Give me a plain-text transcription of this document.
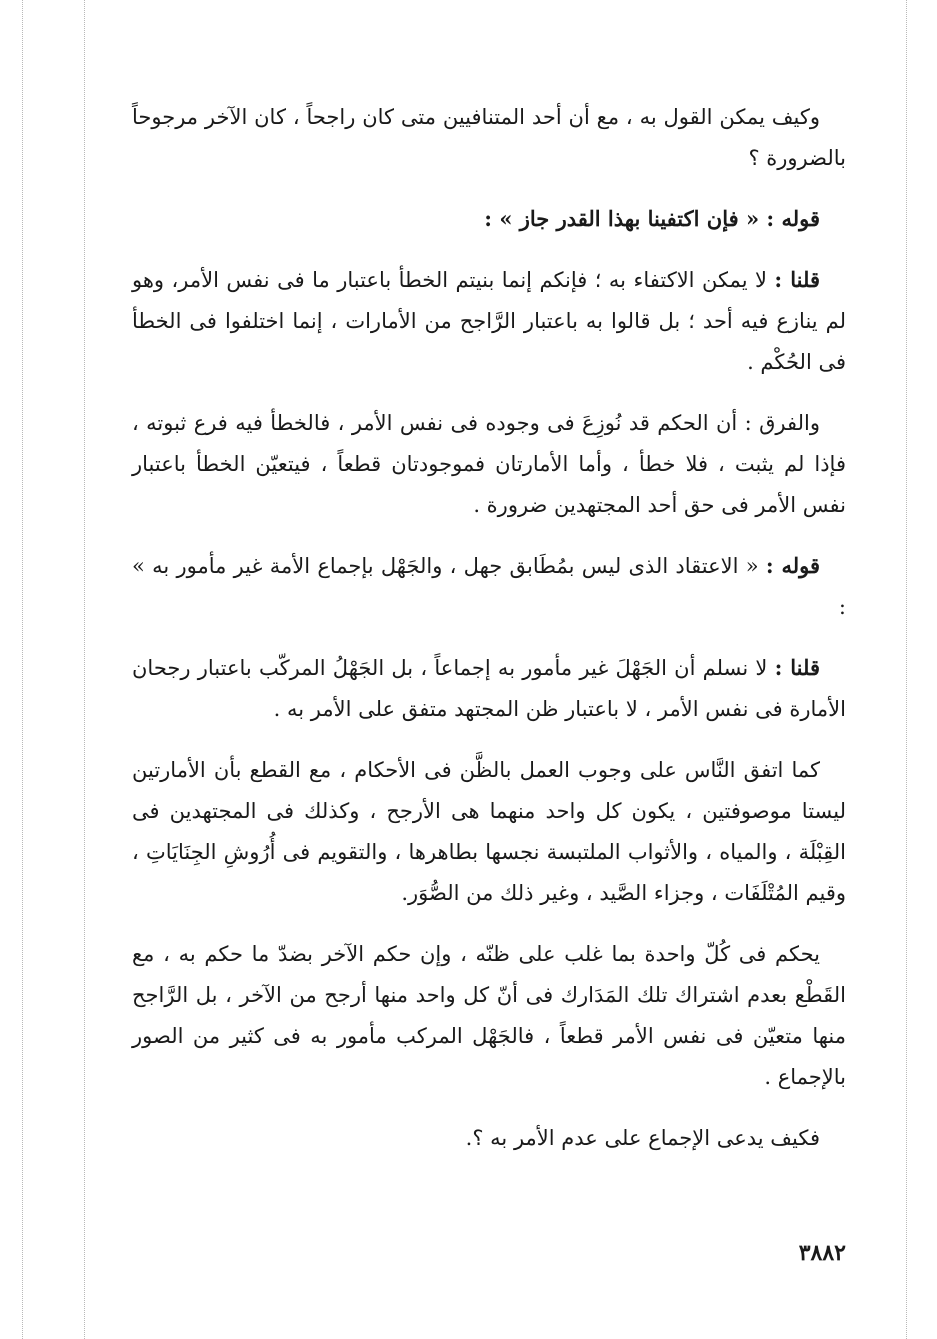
وكيف يمكن القول به ، مع أن أحد المتنافيين متى كان راجحاً ، كان الآخر مرجوحاً بالضرورة ؟

قوله : « فإن اكتفينا بهذا القدر جاز » :

قلنا : لا يمكن الاكتفاء به ؛ فإنكم إنما بنيتم الخطأ باعتبار ما فى نفس الأمر، وهو لم ينازع فيه أحد ؛ بل قالوا به باعتبار الرَّاجح من الأمارات ، إنما اختلفوا فى الخطأ فى الحُكْم .

والفرق : أن الحكم قد نُوزِعَ فى وجوده فى نفس الأمر ، فالخطأ فيه فرع ثبوته ، فإذا لم يثبت ، فلا خطأ ، وأما الأمارتان فموجودتان قطعاً ، فيتعيّن الخطأ باعتبار نفس الأمر فى حق أحد المجتهدين ضرورة .

قوله : « الاعتقاد الذى ليس بمُطَابق جهل ، والجَهْل بإجماع الأمة غير مأمور به » :

قلنا : لا نسلم أن الجَهْلَ غير مأمور به إجماعاً ، بل الجَهْلُ المركّب باعتبار رجحان الأمارة فى نفس الأمر ، لا باعتبار ظن المجتهد متفق على الأمر به .

كما اتفق النَّاس على وجوب العمل بالظَّن فى الأحكام ، مع القطع بأن الأمارتين ليستا موصوفتين ، يكون كل واحد منهما هى الأرجح ، وكذلك فى المجتهدين فى القِبْلَة ، والمياه ، والأثواب الملتبسة نجسها بطاهرها ، والتقويم فى أُرُوشِ الجِنَايَاتِ ، وقيم المُتْلَفَات ، وجزاء الصَّيد ، وغير ذلك من الصُّوَر.

يحكم فى كُلّ واحدة بما غلب على ظنّه ، وإن حكم الآخر بضدّ ما حكم به ، مع القَطْع بعدم اشتراك تلك المَدَارك فى أنّ كل واحد منها أرجح من الآخر ، بل الرَّاجح منها متعيّن فى نفس الأمر قطعاً ، فالجَهْل المركب مأمور به فى كثير من الصور بالإجماع .

فكيف يدعى الإجماع على عدم الأمر به ؟.

٣٨٨٢
